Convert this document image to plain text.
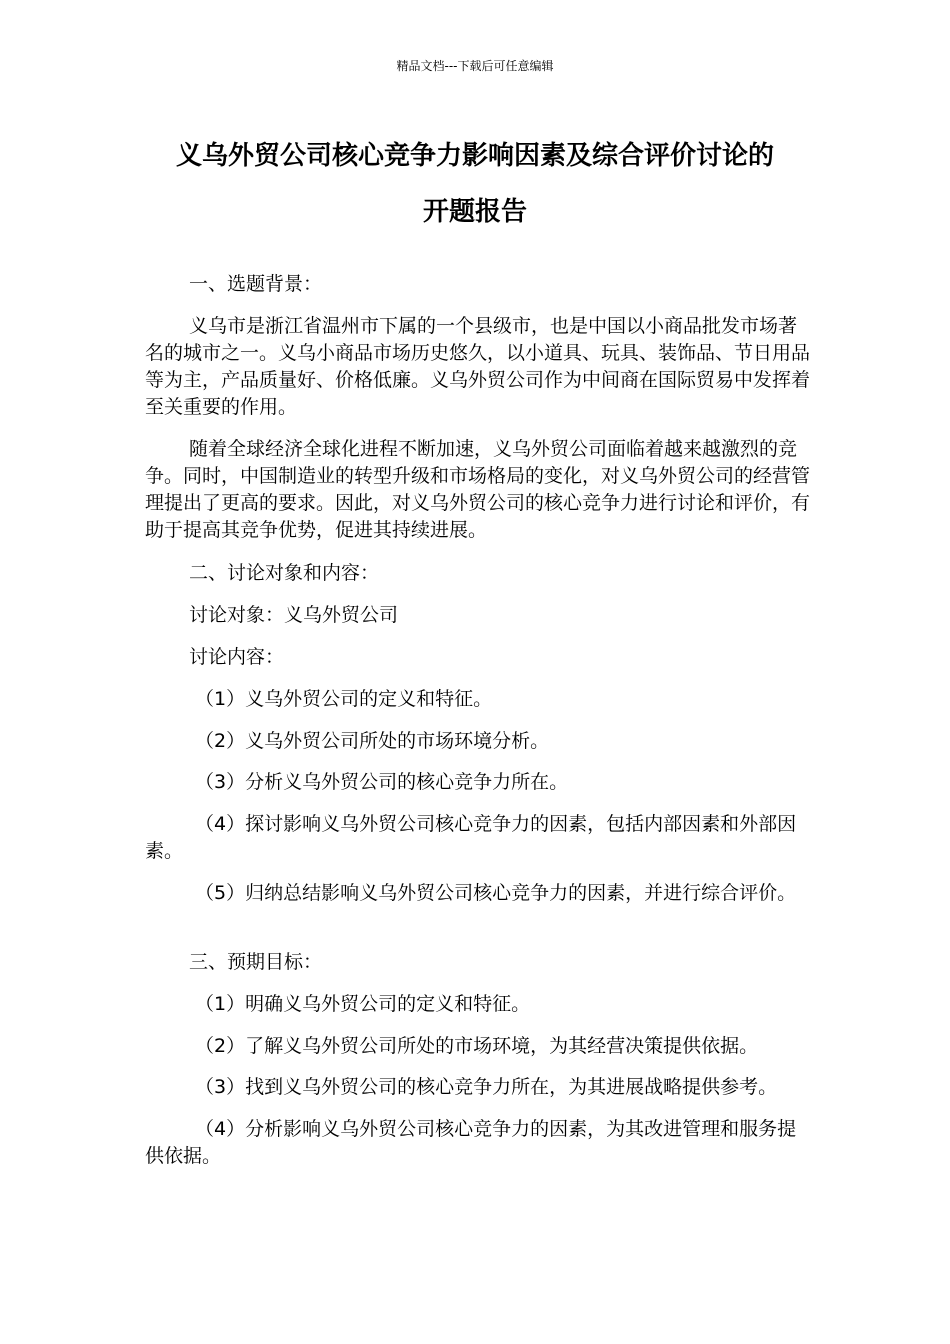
精品文档---下载后可任意编辑
义乌外贸公司核心竞争力影响因素及综合评价讨论的
开题报告

一、选题背景：

义乌市是浙江省温州市下属的一个县级市，也是中国以小商品批发市场著名的城市之一。义乌小商品市场历史悠久，以小道具、玩具、装饰品、节日用品等为主，产品质量好、价格低廉。义乌外贸公司作为中间商在国际贸易中发挥着至关重要的作用。

随着全球经济全球化进程不断加速，义乌外贸公司面临着越来越激烈的竞争。同时，中国制造业的转型升级和市场格局的变化，对义乌外贸公司的经营管理提出了更高的要求。因此，对义乌外贸公司的核心竞争力进行讨论和评价，有助于提高其竞争优势，促进其持续进展。

二、讨论对象和内容：

讨论对象：义乌外贸公司

讨论内容：

（1）义乌外贸公司的定义和特征。

（2）义乌外贸公司所处的市场环境分析。

（3）分析义乌外贸公司的核心竞争力所在。

（4）探讨影响义乌外贸公司核心竞争力的因素，包括内部因素和外部因素。

（5）归纳总结影响义乌外贸公司核心竞争力的因素，并进行综合评价。

三、预期目标：

（1）明确义乌外贸公司的定义和特征。

（2）了解义乌外贸公司所处的市场环境，为其经营决策提供依据。

（3）找到义乌外贸公司的核心竞争力所在，为其进展战略提供参考。

（4）分析影响义乌外贸公司核心竞争力的因素，为其改进管理和服务提供依据。
